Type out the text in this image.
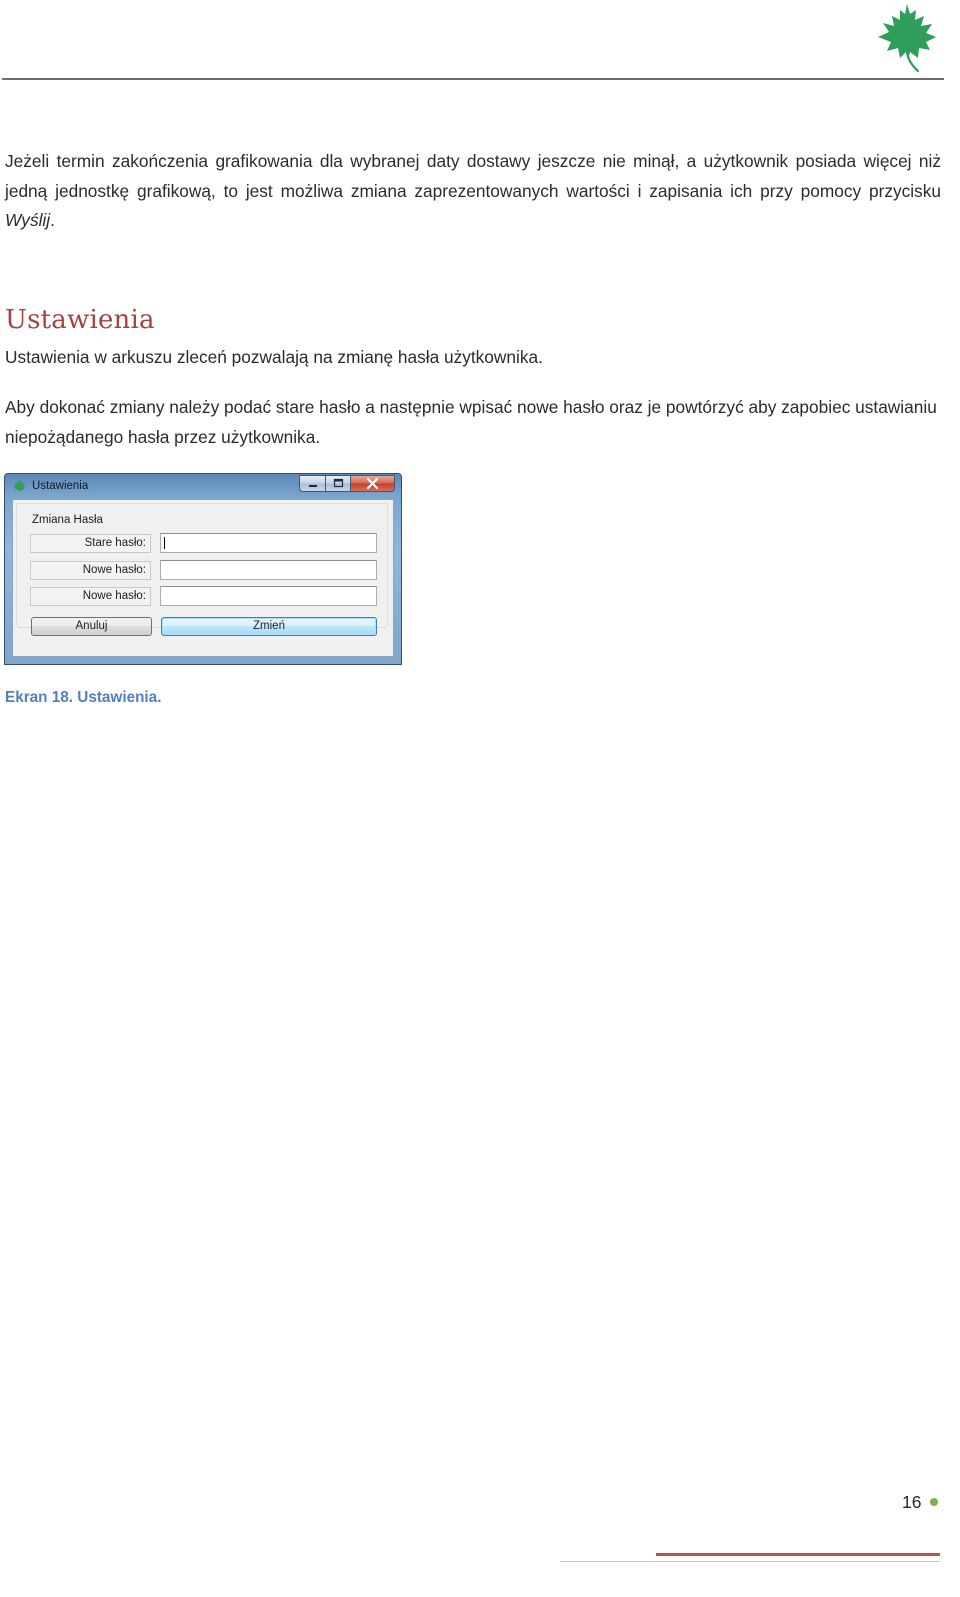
Jeżeli termin zakończenia grafikowania dla wybranej daty dostawy jeszcze nie minął, a użytkownik posiada więcej niż jedną jednostkę grafikową, to jest możliwa zmiana zaprezentowanych wartości i zapisania ich przy pomocy przycisku Wyślij.

Ustawienia

Ustawienia w arkuszu zleceń pozwalają na zmianę hasła użytkownika.

Aby dokonać zmiany należy podać stare hasło a następnie wpisać nowe hasło oraz je powtórzyć aby zapobiec ustawianiu niepożądanego hasła przez użytkownika.

Ustawienia
Zmiana Hasła
Stare hasło:
Nowe hasło:
Nowe hasło:
Anuluj	Zmień

Ekran 18. Ustawienia.

16
